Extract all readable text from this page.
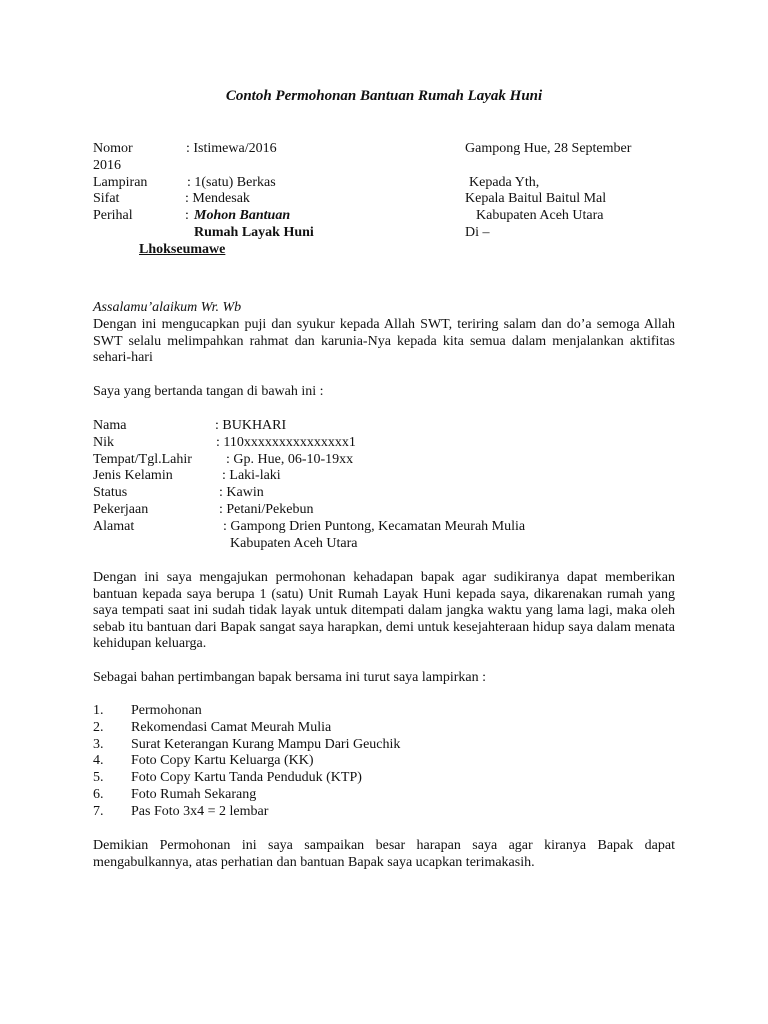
Contoh Permohonan Bantuan Rumah Layak Huni
Nomor	: Istimewa/2016	Gampong Hue, 28 September
2016
Lampiran	: 1(satu) Berkas	Kepada Yth,
Sifat	: Mendesak	Kepala Baitul Baitul Mal
Perihal	: Mohon Bantuan	Kabupaten Aceh Utara
Rumah Layak Huni	Di –
Lhokseumawe
Assalamu’alaikum Wr. Wb
Dengan ini mengucapkan puji dan syukur kepada Allah SWT, teriring salam dan do’a semoga Allah SWT selalu melimpahkan rahmat dan karunia-Nya kepada kita semua dalam menjalankan aktifitas sehari-hari
Saya yang bertanda tangan di bawah ini :
Nama	: BUKHARI
Nik	: 110xxxxxxxxxxxxxxx1
Tempat/Tgl.Lahir : Gp. Hue, 06-10-19xx
Jenis Kelamin	: Laki-laki
Status	: Kawin
Pekerjaan	: Petani/Pekebun
Alamat	: Gampong Drien Puntong, Kecamatan Meurah Mulia
Kabupaten Aceh Utara
Dengan ini saya mengajukan permohonan kehadapan bapak agar sudikiranya dapat memberikan bantuan kepada saya berupa 1 (satu) Unit Rumah Layak Huni kepada saya, dikarenakan rumah yang saya tempati saat ini sudah tidak layak untuk ditempati dalam jangka waktu yang lama lagi, maka oleh sebab itu bantuan dari Bapak sangat saya harapkan, demi untuk kesejahteraan hidup saya dalam menata kehidupan keluarga.
Sebagai bahan pertimbangan bapak bersama ini turut saya lampirkan :
1. Permohonan
2. Rekomendasi Camat Meurah Mulia
3. Surat Keterangan Kurang Mampu Dari Geuchik
4. Foto Copy Kartu Keluarga (KK)
5. Foto Copy Kartu Tanda Penduduk (KTP)
6. Foto Rumah Sekarang
7. Pas Foto 3x4 = 2 lembar
Demikian Permohonan ini saya sampaikan besar harapan saya agar kiranya Bapak dapat mengabulkannya, atas perhatian dan bantuan Bapak saya ucapkan terimakasih.
